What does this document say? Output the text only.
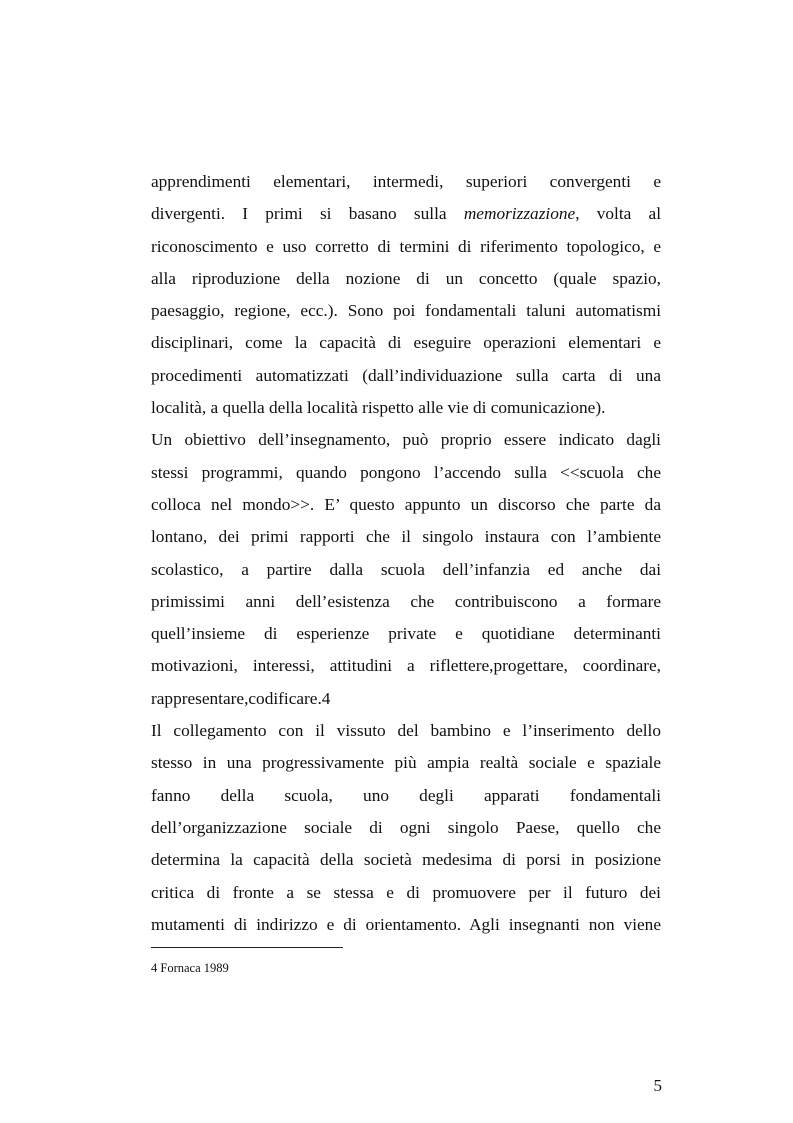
apprendimenti elementari, intermedi, superiori convergenti e
divergenti. I primi si basano sulla memorizzazione, volta al
riconoscimento e uso corretto di termini di riferimento topologico, e
alla riproduzione della nozione di un concetto (quale spazio,
paesaggio, regione, ecc.). Sono poi fondamentali taluni automatismi
disciplinari, come la capacità di eseguire operazioni elementari e
procedimenti automatizzati (dall’individuazione sulla carta di una
località, a quella della località rispetto alle vie di comunicazione).

Un obiettivo dell’insegnamento, può proprio essere indicato dagli
stessi programmi, quando pongono l’accendo sulla <<scuola che
colloca nel mondo>>. E’ questo appunto un discorso che parte da
lontano, dei primi rapporti che il singolo instaura con l’ambiente
scolastico, a partire dalla scuola dell’infanzia ed anche dai
primissimi anni dell’esistenza che contribuiscono a formare
quell’insieme di esperienze private e quotidiane determinanti
motivazioni, interessi, attitudini a riflettere,progettare, coordinare,
rappresentare,codificare.4

Il collegamento con il vissuto del bambino e l’inserimento dello
stesso in una progressivamente più ampia realtà sociale e spaziale
fanno della scuola, uno degli apparati fondamentali
dell’organizzazione sociale di ogni singolo Paese, quello che
determina la capacità della società medesima di porsi in posizione
critica di fronte a se stessa e di promuovere per il futuro dei
mutamenti di indirizzo e di orientamento. Agli insegnanti non viene

4 Fornaca 1989
5
